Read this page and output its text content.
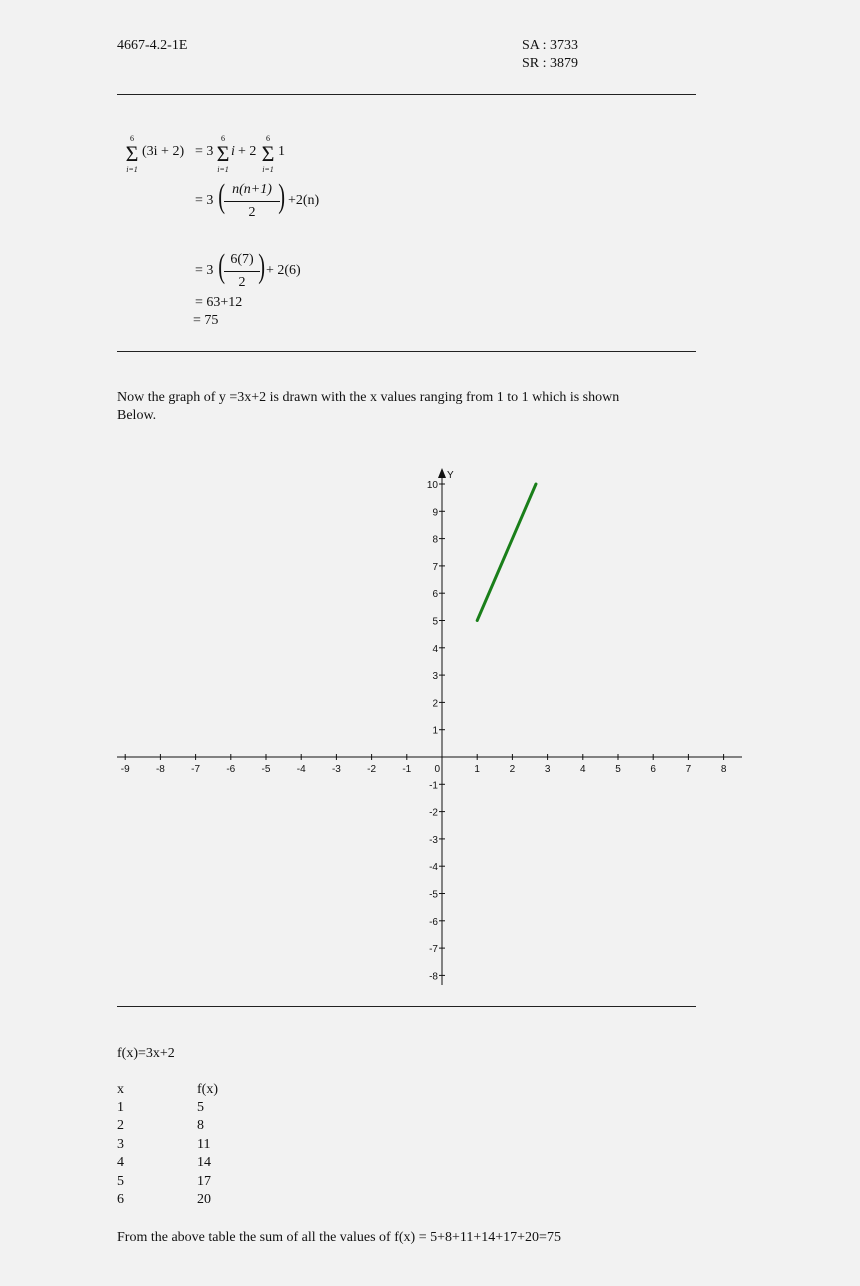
4667-4.2-1E	SA : 3733
SR : 3879
6
Σ
i=1
(3i + 2) = 3
6
Σ
i=1
i + 2
6
Σ
i=1
1
= 3 ( n(n+1)
2 ) +2(n)
= 3 ( 6(7)
2 ) + 2(6)
= 63+12
= 75
Now the graph of y =3x+2 is drawn with the x values ranging from 1 to 1 which is shown
Below.
Y
-9	-8	-7	-6	-5	-4	-3	-2	-1 0	1	2	3	4	5	6	7	8
-8
-7
-6
-5
-4
-3
-2
-1
1
2
3
4
5
6
7
8
9
10
f(x)=3x+2
x	f(x)
1	5
2	8
3	11
4	14
5	17
6	20
From the above table the sum of all the values of f(x) = 5+8+11+14+17+20=75
